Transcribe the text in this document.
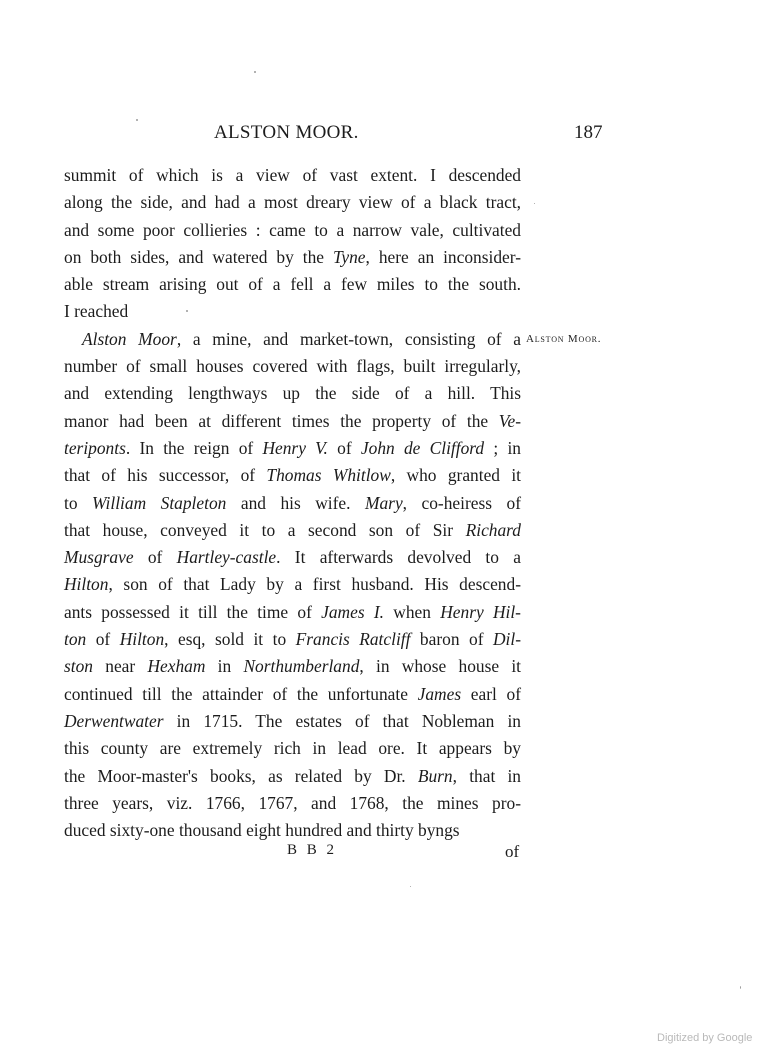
ALSTON MOOR.	187
summit of which is a view of vast extent. I descended
along the side, and had a most dreary view of a black tract,
and some poor collieries : came to a narrow vale, cultivated
on both sides, and watered by the Tyne, here an inconsider-
able stream arising out of a fell a few miles to the south.
I reached
Alston Moor, a mine, and market-town, consisting of a
number of small houses covered with flags, built irregularly,
and extending lengthways up the side of a hill. This
manor had been at different times the property of the Ve-
teriponts. In the reign of Henry V. of John de Clifford ; in
that of his successor, of Thomas Whitlow, who granted it
to William Stapleton and his wife. Mary, co-heiress of
that house, conveyed it to a second son of Sir Richard
Musgrave of Hartley-castle. It afterwards devolved to a
Hilton, son of that Lady by a first husband. His descend-
ants possessed it till the time of James I. when Henry Hil-
ton of Hilton, esq, sold it to Francis Ratcliff baron of Dil-
ston near Hexham in Northumberland, in whose house it
continued till the attainder of the unfortunate James earl of
Derwentwater in 1715. The estates of that Nobleman in
this county are extremely rich in lead ore. It appears by
the Moor-master's books, as related by Dr. Burn, that in
three years, viz. 1766, 1767, and 1768, the mines pro-
duced sixty-one thousand eight hundred and thirty byngs
Alston Moor.
B B 2	of
Digitized by Google
